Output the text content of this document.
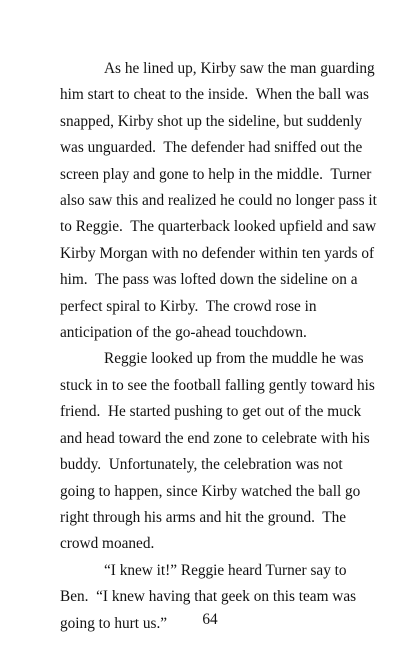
As he lined up, Kirby saw the man guarding
him start to cheat to the inside.  When the ball was
snapped, Kirby shot up the sideline, but suddenly
was unguarded.  The defender had sniffed out the
screen play and gone to help in the middle.  Turner
also saw this and realized he could no longer pass it
to Reggie.  The quarterback looked upfield and saw
Kirby Morgan with no defender within ten yards of
him.  The pass was lofted down the sideline on a
perfect spiral to Kirby.  The crowd rose in
anticipation of the go-ahead touchdown.

Reggie looked up from the muddle he was
stuck in to see the football falling gently toward his
friend.  He started pushing to get out of the muck
and head toward the end zone to celebrate with his
buddy.  Unfortunately, the celebration was not
going to happen, since Kirby watched the ball go
right through his arms and hit the ground.  The
crowd moaned.

“I knew it!” Reggie heard Turner say to
Ben.  “I knew having that geek on this team was
going to hurt us.”	64
